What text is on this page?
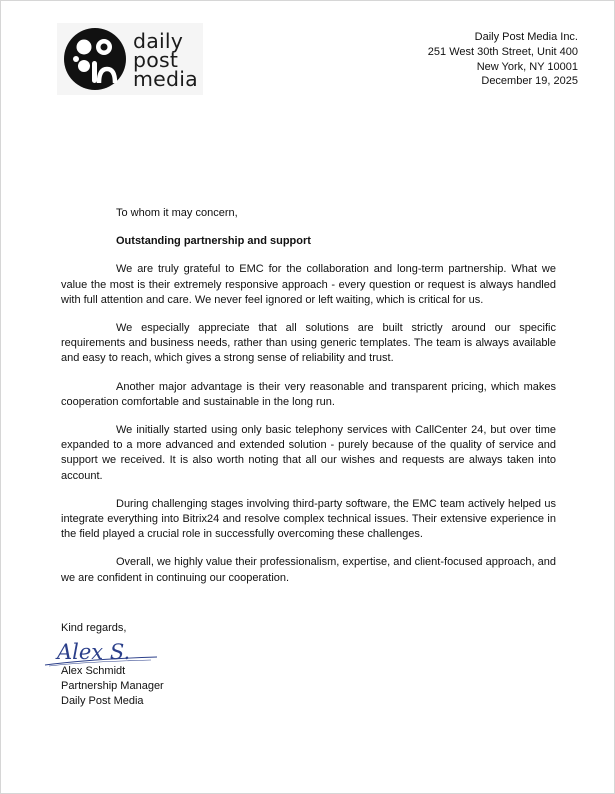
daily
post
media
Daily Post Media Inc.
251 West 30th Street, Unit 400
New York, NY 10001
December 19, 2025
To whom it may concern,
Outstanding partnership and support
We are truly grateful to EMC for the collaboration and long-term partnership. What we value the most is their extremely responsive approach - every question or request is always handled with full attention and care. We never feel ignored or left waiting, which is critical for us.
We especially appreciate that all solutions are built strictly around our specific requirements and business needs, rather than using generic templates. The team is always available and easy to reach, which gives a strong sense of reliability and trust.
Another major advantage is their very reasonable and transparent pricing, which makes cooperation comfortable and sustainable in the long run.
We initially started using only basic telephony services with CallCenter 24, but over time expanded to a more advanced and extended solution - purely because of the quality of service and support we received. It is also worth noting that all our wishes and requests are always taken into account.
During challenging stages involving third-party software, the EMC team actively helped us integrate everything into Bitrix24 and resolve complex technical issues. Their extensive experience in the field played a crucial role in successfully overcoming these challenges.
Overall, we highly value their professionalism, expertise, and client-focused approach, and we are confident in continuing our cooperation.
Kind regards,
Alex S.
Alex Schmidt
Partnership Manager
Daily Post Media
